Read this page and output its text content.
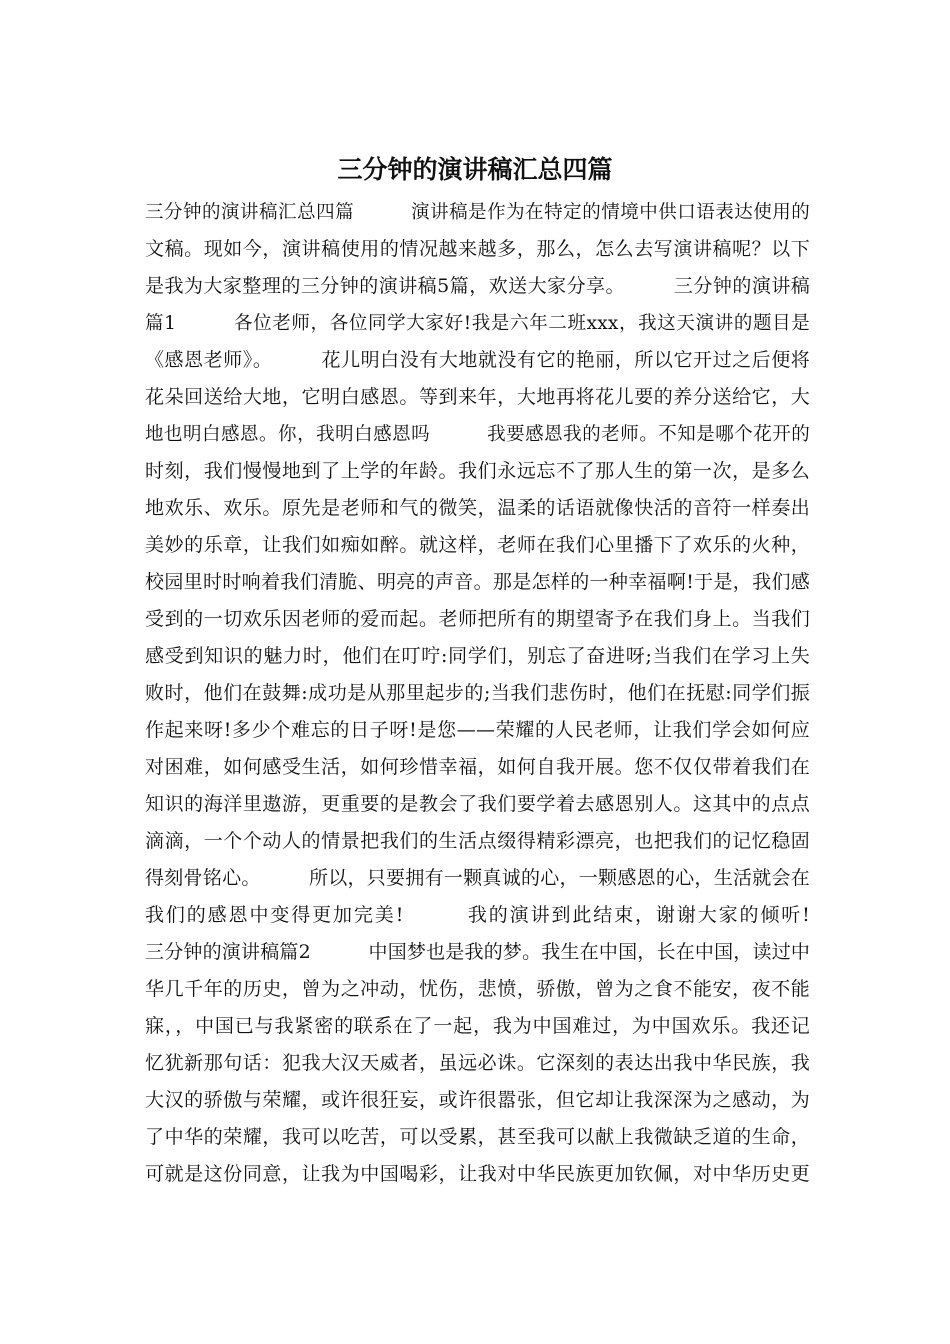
三分钟的演讲稿汇总四篇
三分钟的演讲稿汇总四篇　　　演讲稿是作为在特定的情境中供口语表达使用的
文稿。现如今，演讲稿使用的情况越来越多，那么，怎么去写演讲稿呢？以下
是我为大家整理的三分钟的演讲稿5篇，欢送大家分享。　　　三分钟的演讲稿
篇1　　　各位老师，各位同学大家好!我是六年二班xxx，我这天演讲的题目是
《感恩老师》。　　　花儿明白没有大地就没有它的艳丽，所以它开过之后便将
花朵回送给大地，它明白感恩。等到来年，大地再将花儿要的养分送给它，大
地也明白感恩。你，我明白感恩吗　　　我要感恩我的老师。不知是哪个花开的
时刻，我们慢慢地到了上学的年龄。我们永远忘不了那人生的第一次，是多么
地欢乐、欢乐。原先是老师和气的微笑，温柔的话语就像快活的音符一样奏出
美妙的乐章，让我们如痴如醉。就这样，老师在我们心里播下了欢乐的火种，
校园里时时响着我们清脆、明亮的声音。那是怎样的一种幸福啊!于是，我们感
受到的一切欢乐因老师的爱而起。老师把所有的期望寄予在我们身上。当我们
感受到知识的魅力时，他们在叮咛:同学们，别忘了奋进呀;当我们在学习上失
败时，他们在鼓舞:成功是从那里起步的;当我们悲伤时，他们在抚慰:同学们振
作起来呀!多少个难忘的日子呀!是您——荣耀的人民老师，让我们学会如何应
对困难，如何感受生活，如何珍惜幸福，如何自我开展。您不仅仅带着我们在
知识的海洋里遨游，更重要的是教会了我们要学着去感恩别人。这其中的点点
滴滴，一个个动人的情景把我们的生活点缀得精彩漂亮，也把我们的记忆稳固
得刻骨铭心。　　　所以，只要拥有一颗真诚的心，一颗感恩的心，生活就会在
我们的感恩中变得更加完美!　　　我的演讲到此结束，谢谢大家的倾听!
三分钟的演讲稿篇2　　　中国梦也是我的梦。我生在中国，长在中国，读过中
华几千年的历史，曾为之冲动，忧伤，悲愤，骄傲，曾为之食不能安，夜不能
寐，，中国已与我紧密的联系在了一起，我为中国难过，为中国欢乐。我还记
忆犹新那句话：犯我大汉天威者，虽远必诛。它深刻的表达出我中华民族，我
大汉的骄傲与荣耀，或许很狂妄，或许很嚣张，但它却让我深深为之感动，为
了中华的荣耀，我可以吃苦，可以受累，甚至我可以献上我微缺乏道的生命，
可就是这份同意，让我为中国喝彩，让我对中华民族更加钦佩，对中华历史更
